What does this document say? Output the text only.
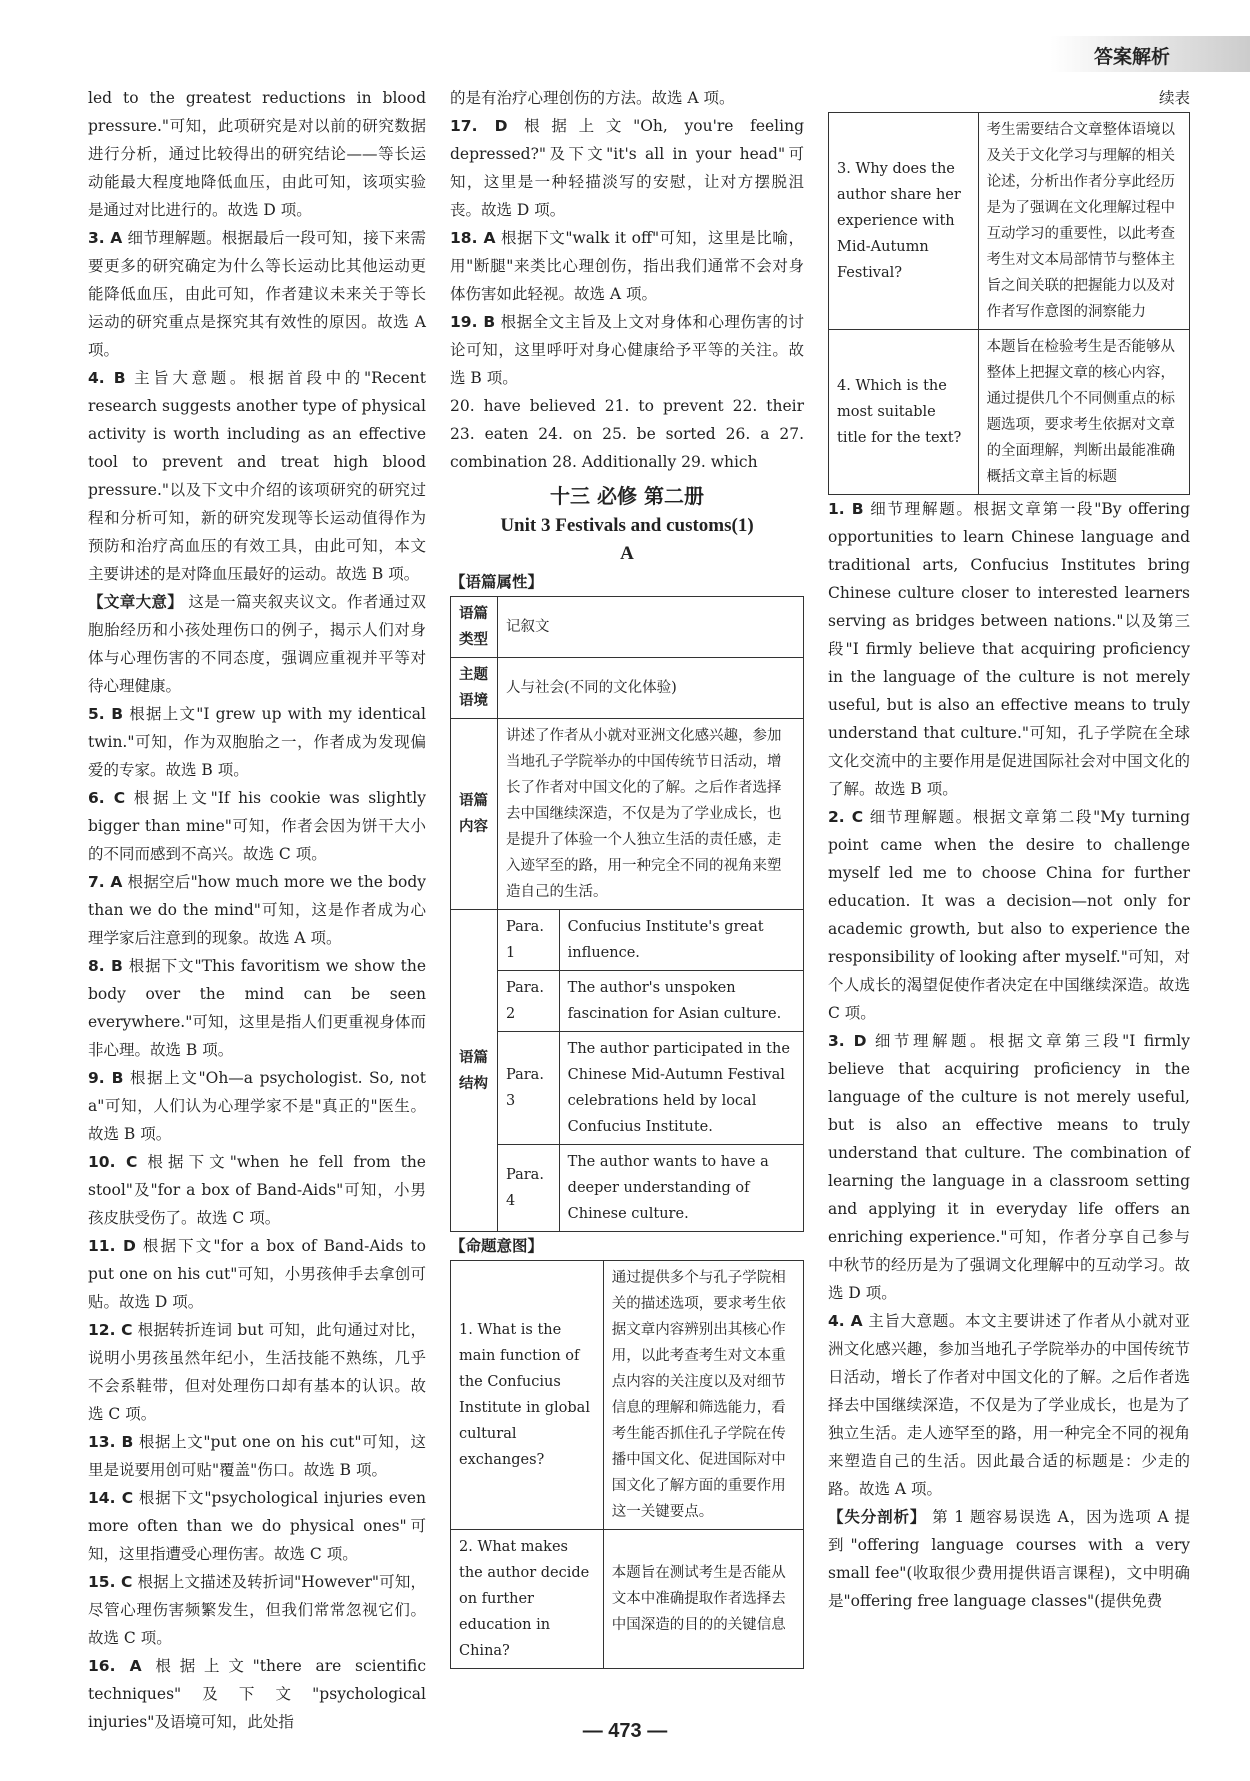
答案解析

led to the greatest reductions in blood pressure."可知，此项研究是对以前的研究数据进行分析，通过比较得出的研究结论——等长运动能最大程度地降低血压，由此可知，该项实验是通过对比进行的。故选 D 项。

3. A 细节理解题。根据最后一段可知，接下来需要更多的研究确定为什么等长运动比其他运动更能降低血压，由此可知，作者建议未来关于等长运动的研究重点是探究其有效性的原因。故选 A 项。

4. B 主旨大意题。根据首段中的"Recent research suggests another type of physical activity is worth including as an effective tool to prevent and treat high blood pressure."以及下文中介绍的该项研究的研究过程和分析可知，新的研究发现等长运动值得作为预防和治疗高血压的有效工具，由此可知，本文主要讲述的是对降血压最好的运动。故选 B 项。

【文章大意】 这是一篇夹叙夹议文。作者通过双胞胎经历和小孩处理伤口的例子，揭示人们对身体与心理伤害的不同态度，强调应重视并平等对待心理健康。

5. B 根据上文"I grew up with my identical twin."可知，作为双胞胎之一，作者成为发现偏爱的专家。故选 B 项。

6. C 根据上文"If his cookie was slightly bigger than mine"可知，作者会因为饼干大小的不同而感到不高兴。故选 C 项。

7. A 根据空后"how much more we the body than we do the mind"可知，这是作者成为心理学家后注意到的现象。故选 A 项。

8. B 根据下文"This favoritism we show the body over the mind can be seen everywhere."可知，这里是指人们更重视身体而非心理。故选 B 项。

9. B 根据上文"Oh—a psychologist. So, not a"可知，人们认为心理学家不是"真正的"医生。故选 B 项。

10. C 根据下文"when he fell from the stool"及"for a box of Band-Aids"可知，小男孩皮肤受伤了。故选 C 项。

11. D 根据下文"for a box of Band-Aids to put one on his cut"可知，小男孩伸手去拿创可贴。故选 D 项。

12. C 根据转折连词 but 可知，此句通过对比，说明小男孩虽然年纪小，生活技能不熟练，几乎不会系鞋带，但对处理伤口却有基本的认识。故选 C 项。

13. B 根据上文"put one on his cut"可知，这里是说要用创可贴"覆盖"伤口。故选 B 项。

14. C 根据下文"psychological injuries even more often than we do physical ones"可知，这里指遭受心理伤害。故选 C 项。

15. C 根据上文描述及转折词"However"可知，尽管心理伤害频繁发生，但我们常常忽视它们。故选 C 项。

16. A 根据上文"there are scientific techniques"及下文"psychological injuries"及语境可知，此处指

的是有治疗心理创伤的方法。故选 A 项。

17. D 根据上文"Oh, you're feeling depressed?"及下文"it's all in your head"可知，这里是一种轻描淡写的安慰，让对方摆脱沮丧。故选 D 项。

18. A 根据下文"walk it off"可知，这里是比喻，用"断腿"来类比心理创伤，指出我们通常不会对身体伤害如此轻视。故选 A 项。

19. B 根据全文主旨及上文对身体和心理伤害的讨论可知，这里呼吁对身心健康给予平等的关注。故选 B 项。

20. have believed 21. to prevent 22. their 23. eaten 24. on 25. be sorted 26. a 27. combination 28. Additionally 29. which

十三 必修 第二册
Unit 3 Festivals and customs(1)
A
【语篇属性】
语篇类型	记叙文	
主题语境	人与社会(不同的文化体验)	
语篇内容	讲述了作者从小就对亚洲文化感兴趣，参加当地孔子学院举办的中国传统节日活动，增长了作者对中国文化的了解。之后作者选择去中国继续深造，不仅是为了学业成长，也是提升了体验一个人独立生活的责任感，走入迹罕至的路，用一种完全不同的视角来塑造自己的生活。	
语篇结构	Para. 1	Confucius Institute's great influence.
	Para. 2	The author's unspoken fascination for Asian culture.
	Para. 3	The author participated in the Chinese Mid-Autumn Festival celebrations held by local Confucius Institute.
	Para. 4	The author wants to have a deeper understanding of Chinese culture.
【命题意图】
1. What is the main function of the Confucius Institute in global cultural exchanges?	通过提供多个与孔子学院相关的描述选项，要求考生依据文章内容辨别出其核心作用，以此考查考生对文本重点内容的关注度以及对细节信息的理解和筛选能力，看考生能否抓住孔子学院在传播中国文化、促进国际对中国文化了解方面的重要作用这一关键要点。
2. What makes the author decide on further education in China?	本题旨在测试考生是否能从文本中准确提取作者选择去中国深造的目的的关键信息
续表
3. Why does the author share her experience with Mid-Autumn Festival?	考生需要结合文章整体语境以及关于文化学习与理解的相关论述，分析出作者分享此经历是为了强调在文化理解过程中互动学习的重要性，以此考查考生对文本局部情节与整体主旨之间关联的把握能力以及对作者写作意图的洞察能力
4. Which is the most suitable title for the text?	本题旨在检验考生是否能够从整体上把握文章的核心内容，通过提供几个不同侧重点的标题选项，要求考生依据对文章的全面理解，判断出最能准确概括文章主旨的标题

1. B 细节理解题。根据文章第一段"By offering opportunities to learn Chinese language and traditional arts, Confucius Institutes bring Chinese culture closer to interested learners serving as bridges between nations."以及第三段"I firmly believe that acquiring proficiency in the language of the culture is not merely useful, but is also an effective means to truly understand that culture."可知，孔子学院在全球文化交流中的主要作用是促进国际社会对中国文化的了解。故选 B 项。

2. C 细节理解题。根据文章第二段"My turning point came when the desire to challenge myself led me to choose China for further education. It was a decision—not only for academic growth, but also to experience the responsibility of looking after myself."可知，对个人成长的渴望促使作者决定在中国继续深造。故选 C 项。

3. D 细节理解题。根据文章第三段"I firmly believe that acquiring proficiency in the language of the culture is not merely useful, but is also an effective means to truly understand that culture. The combination of learning the language in a classroom setting and applying it in everyday life offers an enriching experience."可知，作者分享自己参与中秋节的经历是为了强调文化理解中的互动学习。故选 D 项。

4. A 主旨大意题。本文主要讲述了作者从小就对亚洲文化感兴趣，参加当地孔子学院举办的中国传统节日活动，增长了作者对中国文化的了解。之后作者选择去中国继续深造，不仅是为了学业成长，也是为了独立生活。走人迹罕至的路，用一种完全不同的视角来塑造自己的生活。因此最合适的标题是：少走的路。故选 A 项。

【失分剖析】 第 1 题容易误选 A，因为选项 A 提到"offering language courses with a very small fee"(收取很少费用提供语言课程)，文中明确是"offering free language classes"(提供免费

— 473 —
